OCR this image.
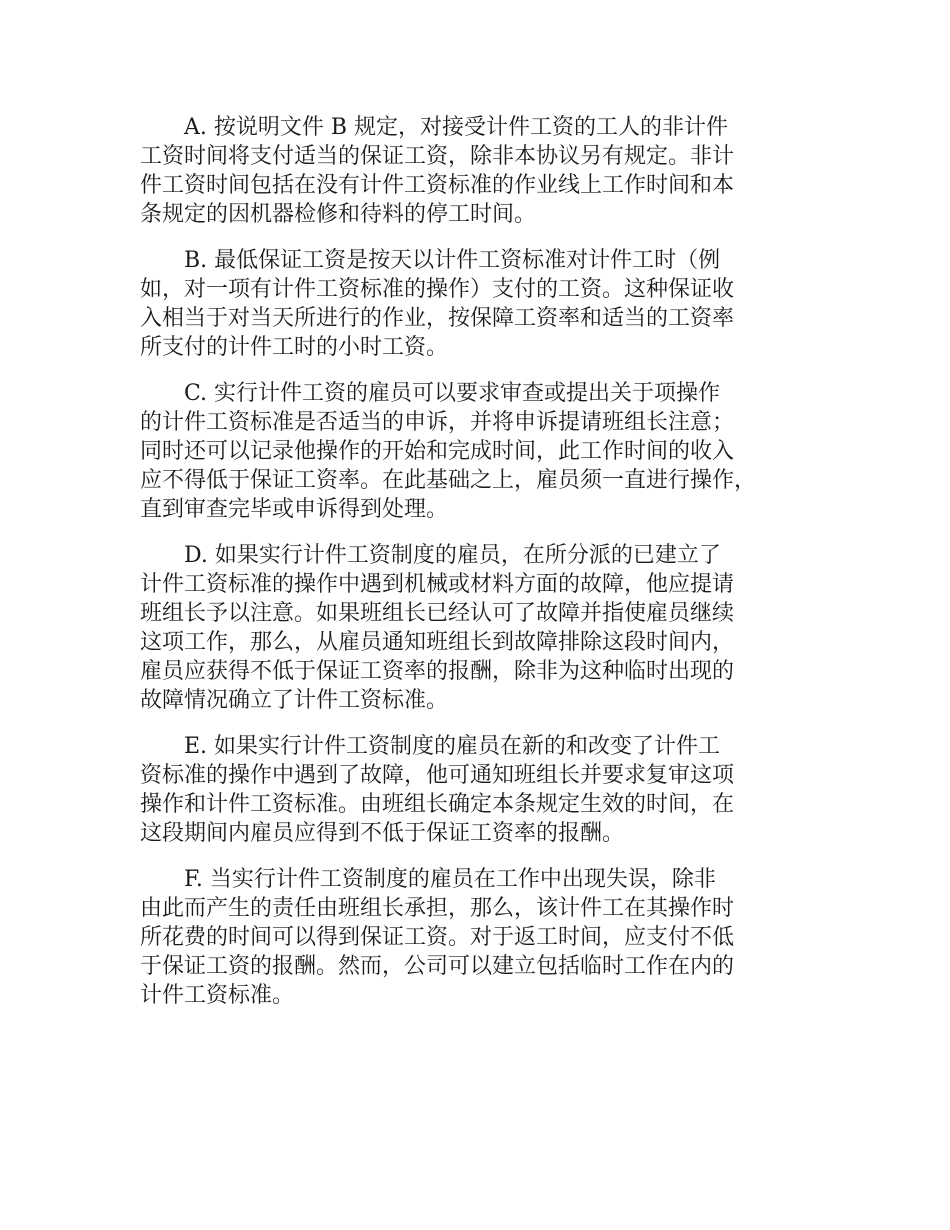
A. 按说明文件 B 规定，对接受计件工资的工人的非计件
工资时间将支付适当的保证工资，除非本协议另有规定。非计
件工资时间包括在没有计件工资标准的作业线上工作时间和本
条规定的因机器检修和待料的停工时间。
B. 最低保证工资是按天以计件工资标准对计件工时（例
如，对一项有计件工资标准的操作）支付的工资。这种保证收
入相当于对当天所进行的作业，按保障工资率和适当的工资率
所支付的计件工时的小时工资。
C. 实行计件工资的雇员可以要求审查或提出关于项操作
的计件工资标准是否适当的申诉，并将申诉提请班组长注意；
同时还可以记录他操作的开始和完成时间，此工作时间的收入
应不得低于保证工资率。在此基础之上，雇员须一直进行操作，
直到审查完毕或申诉得到处理。
D. 如果实行计件工资制度的雇员，在所分派的已建立了
计件工资标准的操作中遇到机械或材料方面的故障，他应提请
班组长予以注意。如果班组长已经认可了故障并指使雇员继续
这项工作，那么，从雇员通知班组长到故障排除这段时间内，
雇员应获得不低于保证工资率的报酬，除非为这种临时出现的
故障情况确立了计件工资标准。
E. 如果实行计件工资制度的雇员在新的和改变了计件工
资标准的操作中遇到了故障，他可通知班组长并要求复审这项
操作和计件工资标准。由班组长确定本条规定生效的时间，在
这段期间内雇员应得到不低于保证工资率的报酬。
F. 当实行计件工资制度的雇员在工作中出现失误，除非
由此而产生的责任由班组长承担，那么，该计件工在其操作时
所花费的时间可以得到保证工资。对于返工时间，应支付不低
于保证工资的报酬。然而，公司可以建立包括临时工作在内的
计件工资标准。
